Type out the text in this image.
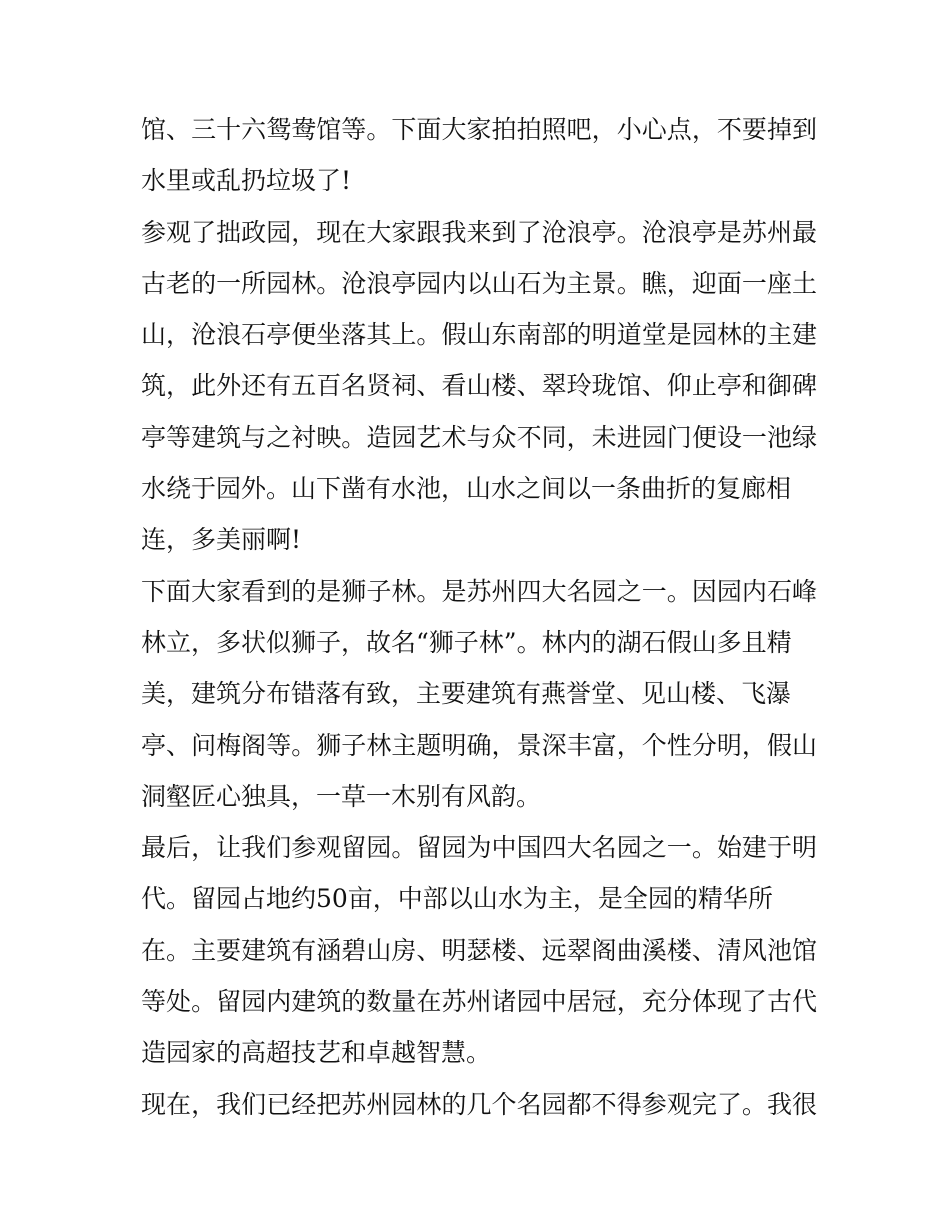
馆、三十六鸳鸯馆等。下面大家拍拍照吧，小心点，不要掉到
水里或乱扔垃圾了!
参观了拙政园，现在大家跟我来到了沧浪亭。沧浪亭是苏州最
古老的一所园林。沧浪亭园内以山石为主景。瞧，迎面一座土
山，沧浪石亭便坐落其上。假山东南部的明道堂是园林的主建
筑，此外还有五百名贤祠、看山楼、翠玲珑馆、仰止亭和御碑
亭等建筑与之衬映。造园艺术与众不同，未进园门便设一池绿
水绕于园外。山下凿有水池，山水之间以一条曲折的复廊相
连，多美丽啊!
下面大家看到的是狮子林。是苏州四大名园之一。因园内石峰
林立，多状似狮子，故名“狮子林”。林内的湖石假山多且精
美，建筑分布错落有致，主要建筑有燕誉堂、见山楼、飞瀑
亭、问梅阁等。狮子林主题明确，景深丰富，个性分明，假山
洞壑匠心独具，一草一木别有风韵。
最后，让我们参观留园。留园为中国四大名园之一。始建于明
代。留园占地约50亩，中部以山水为主，是全园的精华所
在。主要建筑有涵碧山房、明瑟楼、远翠阁曲溪楼、清风池馆
等处。留园内建筑的数量在苏州诸园中居冠，充分体现了古代
造园家的高超技艺和卓越智慧。
现在，我们已经把苏州园林的几个名园都不得参观完了。我很
